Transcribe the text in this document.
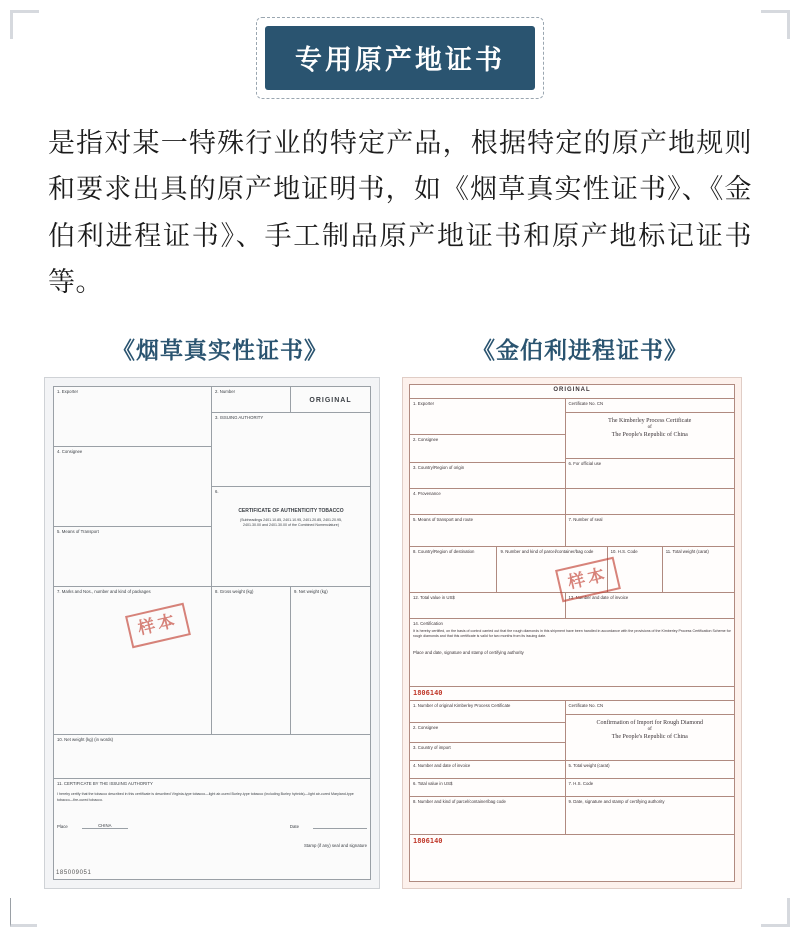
专用原产地证书
是指对某一特殊行业的特定产品，根据特定的原产地规则和要求出具的原产地证明书，如《烟草真实性证书》、《金伯利进程证书》、手工制品原产地证书和原产地标记证书等。
《烟草真实性证书》	《金伯利进程证书》
1. Exporter	2. Number
ORIGINAL
3. ISSUING AUTHORITY
4. Consignee
5. Means of Transport
6.
CERTIFICATE OF AUTHENTICITY TOBACCO
(Subheadings 2401.10.85, 2401.10.95, 2401.20.85, 2401.20.95,
2401.30.00 and 2401.30.00 of the Combined Nomenclature)
7. Marks and Nos., number and kind of packages	8. Gross weight (kg)	9. Net weight (kg)
10. Net weight (kg) (in words)
11. CERTIFICATE BY THE ISSUING AUTHORITY
I hereby certify that the tobacco described in this certificate is described Virginia-type tobacco—light air-cured Burley-type tobacco (including Burley hybrids)—light air-cured Maryland-type tobacco—fire-cured tobacco.
Place	CHINA	Date

Stamp (if any) seal and signature
样本
185009051
ORIGINAL
1. Exporter	Certificate No. CN
The Kimberley Process Certificate
of
The People's Republic of China
2. Consignee
3. Country/Region of origin
6. For official use
4. Provenance
5. Means of transport and route	7. Number of seal
8. Country/Region of destination	9. Number and kind of parcel/container/bag code	10. H.S. Code	11. Total weight (carat)
12. Total value in US$	13. Number and date of invoice
14. Certification
It is hereby certified, on the basis of control carried out that the rough diamonds in this shipment have been handled in accordance with the provisions of the Kimberley Process Certification Scheme for rough diamonds and that this certificate is valid for two months from its issuing date.
Place and date, signature and stamp of certifying authority
1806140
1. Number of original Kimberley Process Certificate	Certificate No. CN
Confirmation of Import for Rough Diamond
of
The People's Republic of China
2. Consignee
3. Country of import
4. Number and date of invoice	5. Total weight (carat)
6. Total value in US$	7. H.S. Code
8. Number and kind of parcel/container/bag code	9. Date, signature and stamp of certifying authority
1806140
样本
